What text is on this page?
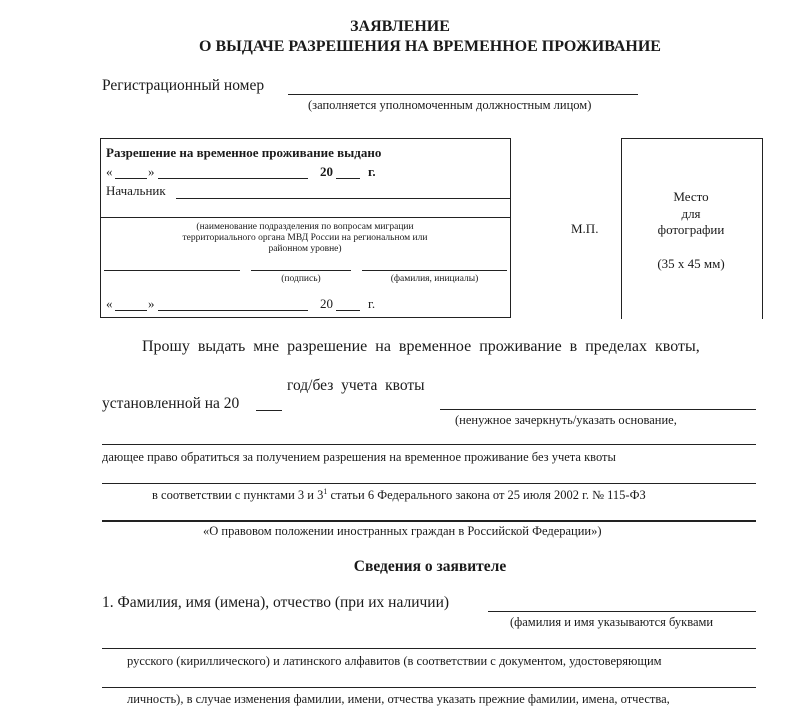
ЗАЯВЛЕНИЕ
О ВЫДАЧЕ РАЗРЕШЕНИЯ НА ВРЕМЕННОЕ ПРОЖИВАНИЕ
Регистрационный номер
(заполняется уполномоченным должностным лицом)
Разрешение на временное проживание выдано
«	»	20	г.
Начальник
(наименование подразделения по вопросам миграции
территориального органа МВД России на региональном или
районном уровне)
(подпись)	(фамилия, инициалы)
«	»	20	г.
М.П.
Место
для
фотографии
(35 х 45 мм)
Прошу  выдать  мне  разрешение  на  временное  проживание  в  пределах  квоты,
год/без  учета  квоты
установленной на 20
(ненужное зачеркнуть/указать основание,
дающее право обратиться за получением разрешения на временное проживание без учета квоты
в соответствии с пунктами 3 и $3^1$ статьи 6 Федерального закона от 25 июля 2002 г. № 115-ФЗ
«О правовом положении иностранных граждан в Российской Федерации»)
Сведения о заявителе
1. Фамилия, имя (имена), отчество (при их наличии)
(фамилия и имя указываются буквами
русского (кириллического) и латинского алфавитов (в соответствии с документом, удостоверяющим
личность), в случае изменения фамилии, имени, отчества указать прежние фамилии, имена, отчества,
